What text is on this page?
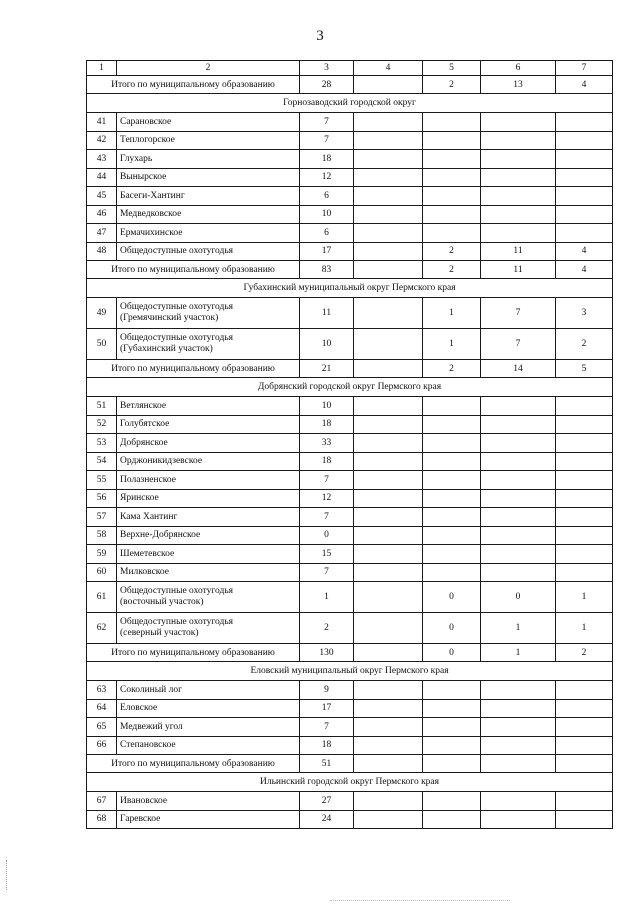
3
1	2	3	4	5	6	7
Итого по муниципальному образованию		28		2	13	4
Горнозаводский городской округ						
41	Сарановское	7				
42	Теплогорское	7				
43	Глухарь	18				
44	Вынырское	12				
45	Басеги-Хантинг	6				
46	Медведковское	10				
47	Ермачихинское	6				
48	Общедоступные охотугодья	17		2	11	4
Итого по муниципальному образованию		83		2	11	4
Губахинский муниципальный округ Пермского края						
49	Общедоступные охотугодья
(Гремячинский участок)	11		1	7	3
50	Общедоступные охотугодья
(Губахинский участок)	10		1	7	2
Итого по муниципальному образованию		21		2	14	5
Добрянский городской округ Пермского края						
51	Ветлянское	10				
52	Голубятское	18				
53	Добрянское	33				
54	Орджоникидзевское	18				
55	Полазненское	7				
56	Яринское	12				
57	Кама Хантинг	7				
58	Верхне-Добрянское	0				
59	Шеметевское	15				
60	Милковское	7				
61	Общедоступные охотугодья
(восточный участок)	1		0	0	1
62	Общедоступные охотугодья
(северный участок)	2		0	1	1
Итого по муниципальному образованию		130		0	1	2
Еловский муниципальный округ Пермского края						
63	Соколиный лог	9				
64	Еловское	17				
65	Медвежий угол	7				
66	Степановское	18				
Итого по муниципальному образованию		51				
Ильинский городской округ Пермского края						
67	Ивановское	27				
68	Гаревское	24				
